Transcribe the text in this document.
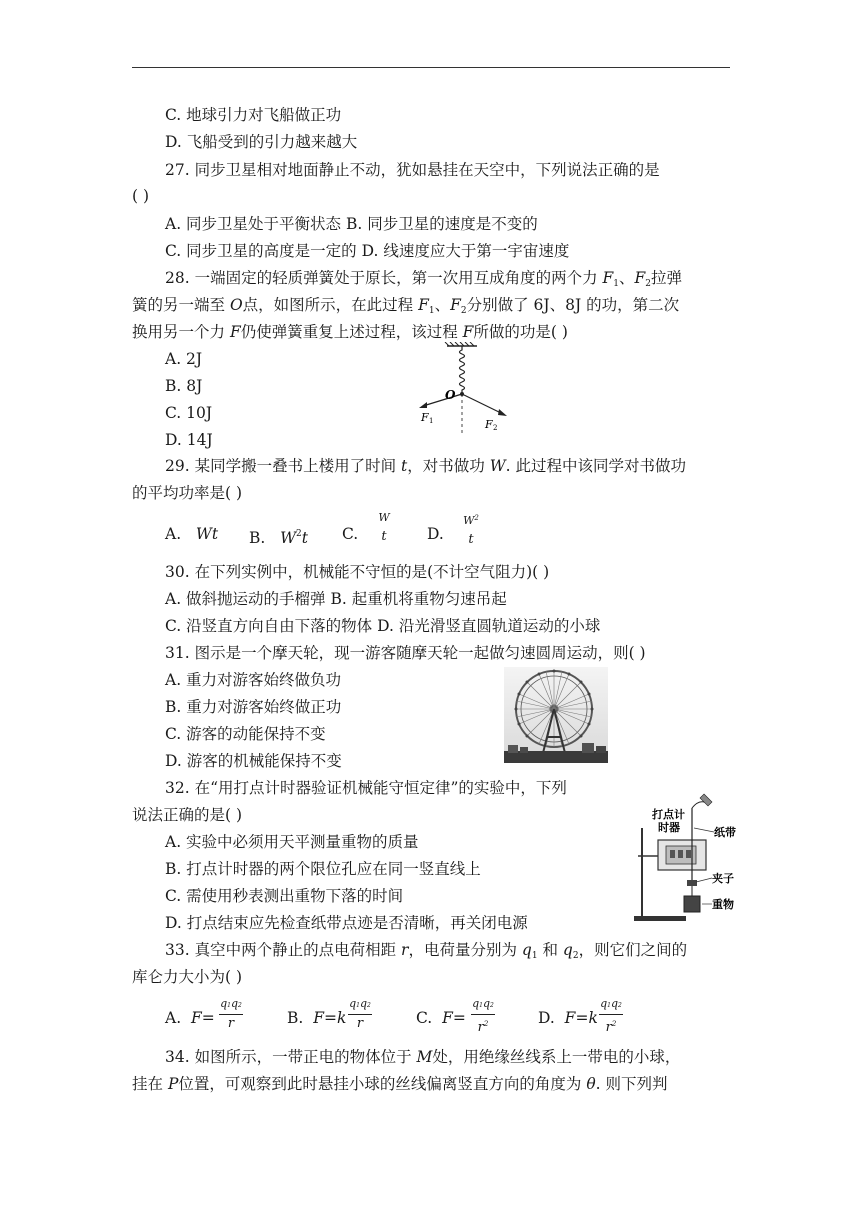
C. 地球引力对飞船做正功
D. 飞船受到的引力越来越大
27. 同步卫星相对地面静止不动，犹如悬挂在天空中，下列说法正确的是
( )
A. 同步卫星处于平衡状态 B. 同步卫星的速度是不变的
C. 同步卫星的高度是一定的 D. 线速度应大于第一宇宙速度
28. 一端固定的轻质弹簧处于原长，第一次用互成角度的两个力 $F_1$、$F_2$拉弹
簧的另一端至 O点，如图所示，在此过程 $F_1$、$F_2$分别做了 6J、8J 的功，第二次
换用另一个力 F仍使弹簧重复上述过程，该过程 F所做的功是( )
A. 2J
B. 8J
C. 10J
D. 14J
O
F 1	F 2
29. 某同学搬一叠书上楼用了时间 t，对书做功 W. 此过程中该同学对书做功
的平均功率是( )
A. Wt B. $W^2t$ C.
W
t	D.
$W^2$
t
30. 在下列实例中，机械能不守恒的是(不计空气阻力)( )
A. 做斜抛运动的手榴弹 B. 起重机将重物匀速吊起
C. 沿竖直方向自由下落的物体 D. 沿光滑竖直圆轨道运动的小球
31. 图示是一个摩天轮，现一游客随摩天轮一起做匀速圆周运动，则( )
A. 重力对游客始终做负功
B. 重力对游客始终做正功
C. 游客的动能保持不变
D. 游客的机械能保持不变
32. 在“用打点计时器验证机械能守恒定律”的实验中，下列
说法正确的是( )
A. 实验中必须用天平测量重物的质量
B. 打点计时器的两个限位孔应在同一竖直线上
C. 需使用秒表测出重物下落的时间
D. 打点结束应先检查纸带点迹是否清晰，再关闭电源
打点计
时器	纸带
夹子
重物
33. 真空中两个静止的点电荷相距 r，电荷量分别为 $q_1$ 和 $q_2$，则它们之间的
库仑力大小为( )
A. F=
q1q2
r	B. F=k
q1q2
r	C. F=
q1q2
$r^2$	D. F=k
q1q2
$r^2$
34. 如图所示，一带正电的物体位于 M处，用绝缘丝线系上一带电的小球，
挂在 P位置，可观察到此时悬挂小球的丝线偏离竖直方向的角度为 θ. 则下列判
